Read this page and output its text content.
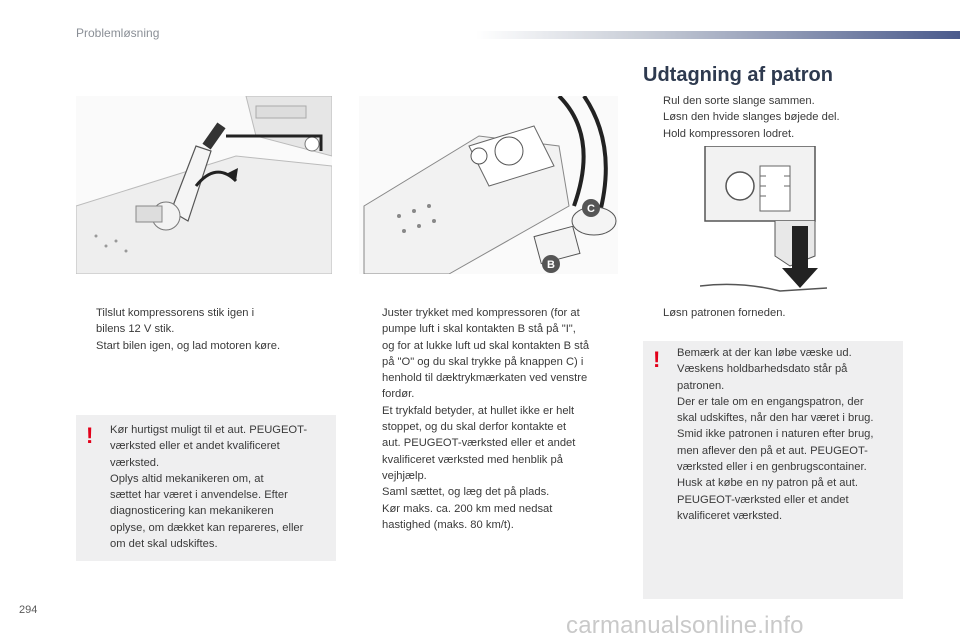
Problemløsning
C
B
Udtagning af patron
Rul den sorte slange sammen.
Løsn den hvide slanges bøjede del.
Hold kompressoren lodret.
Løsn patronen forneden.
! Bemærk at der kan løbe væske ud.
Væskens holdbarhedsdato står på
patronen.
Der er tale om en engangspatron, der
skal udskiftes, når den har været i brug.
Smid ikke patronen i naturen efter brug,
men aflever den på et aut. PEUGEOT-
værksted eller i en genbrugscontainer.
Husk at købe en ny patron på et aut.
PEUGEOT-værksted eller et andet
kvalificeret værksted.
Tilslut kompressorens stik igen i
bilens 12 V stik.
Start bilen igen, og lad motoren køre.
! Kør hurtigst muligt til et aut. PEUGEOT-
værksted eller et andet kvalificeret
værksted.
Oplys altid mekanikeren om, at
sættet har været i anvendelse. Efter
diagnosticering kan mekanikeren
oplyse, om dækket kan repareres, eller
om det skal udskiftes.
Juster trykket med kompressoren (for at
pumpe luft i skal kontakten B stå på "I",
og for at lukke luft ud skal kontakten B stå
på "O" og du skal trykke på knappen C) i
henhold til dæktrykmærkaten ved venstre
fordør.
Et trykfald betyder, at hullet ikke er helt
stoppet, og du skal derfor kontakte et
aut. PEUGEOT-værksted eller et andet
kvalificeret værksted med henblik på
vejhjælp.
Saml sættet, og læg det på plads.
Kør maks. ca. 200 km med nedsat
hastighed (maks. 80 km/t).
294
carmanualsonline.info
